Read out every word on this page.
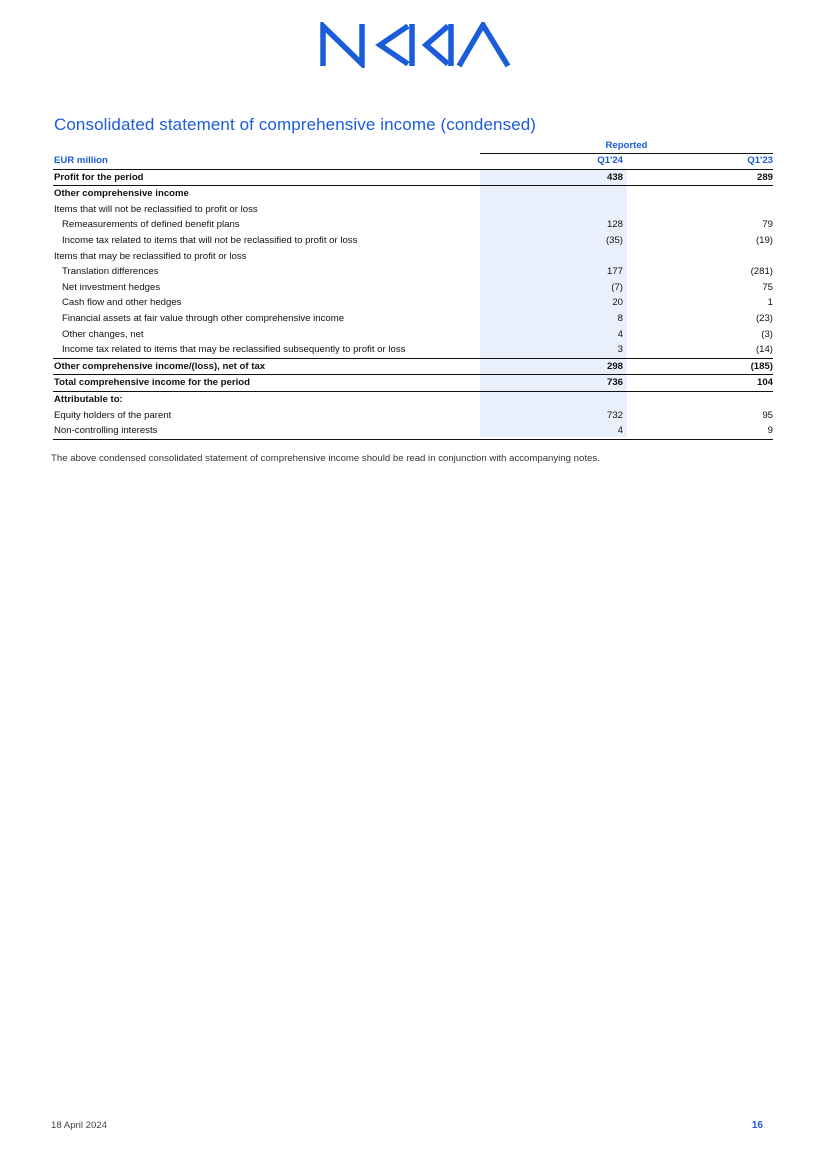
Consolidated statement of comprehensive income (condensed)
Reported
EUR million	Q1'24	Q1'23
Profit for the period	438	289
Other comprehensive income
Items that will not be reclassified to profit or loss
Remeasurements of defined benefit plans	128	79
Income tax related to items that will not be reclassified to profit or loss	(35)	(19)
Items that may be reclassified to profit or loss
Translation differences	177	(281)
Net investment hedges	(7)	75
Cash flow and other hedges	20	1
Financial assets at fair value through other comprehensive income	8	(23)
Other changes, net	4	(3)
Income tax related to items that may be reclassified subsequently to profit or loss	3	(14)
Other comprehensive income/(loss), net of tax	298	(185)
Total comprehensive income for the period	736	104
Attributable to:
Equity holders of the parent	732	95
Non-controlling interests	4	9
The above condensed consolidated statement of comprehensive income should be read in conjunction with accompanying notes.
18 April 2024	16
